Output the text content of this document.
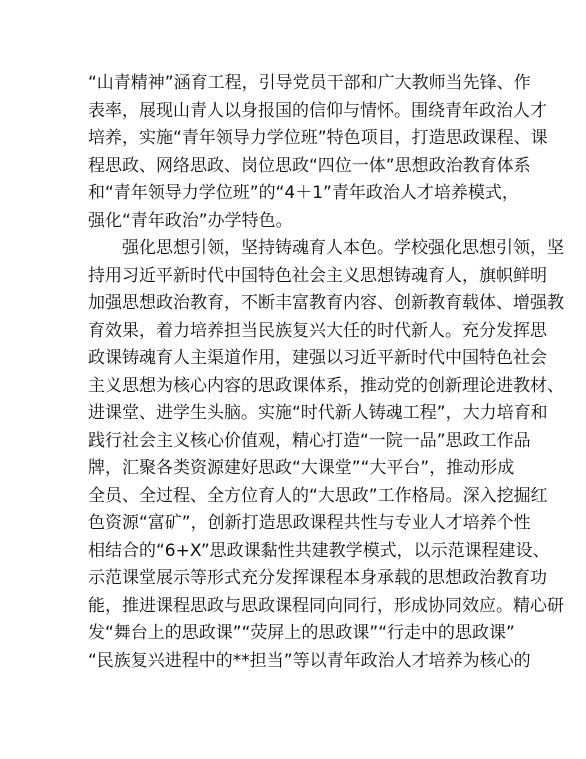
“山青精神”涵育工程，引导党员干部和广大教师当先锋、作
表率，展现山青人以身报国的信仰与情怀。围绕青年政治人才
培养，实施“青年领导力学位班”特色项目，打造思政课程、课
程思政、网络思政、岗位思政“四位一体”思想政治教育体系
和“青年领导力学位班”的“4＋1”青年政治人才培养模式，
强化“青年政治”办学特色。
　　强化思想引领，坚持铸魂育人本色。学校强化思想引领，坚
持用习近平新时代中国特色社会主义思想铸魂育人，旗帜鲜明
加强思想政治教育，不断丰富教育内容、创新教育载体、增强教
育效果，着力培养担当民族复兴大任的时代新人。充分发挥思
政课铸魂育人主渠道作用，建强以习近平新时代中国特色社会
主义思想为核心内容的思政课体系，推动党的创新理论进教材、
进课堂、进学生头脑。实施“时代新人铸魂工程”，大力培育和
践行社会主义核心价值观，精心打造“一院一品”思政工作品
牌，汇聚各类资源建好思政“大课堂”“大平台”，推动形成
全员、全过程、全方位育人的“大思政”工作格局。深入挖掘红
色资源“富矿”，创新打造思政课程共性与专业人才培养个性
相结合的“6+X”思政课黏性共建教学模式，以示范课程建设、
示范课堂展示等形式充分发挥课程本身承载的思想政治教育功
能，推进课程思政与思政课程同向同行，形成协同效应。精心研
发“舞台上的思政课”“荧屏上的思政课”“行走中的思政课”
“民族复兴进程中的**担当”等以青年政治人才培养为核心的
